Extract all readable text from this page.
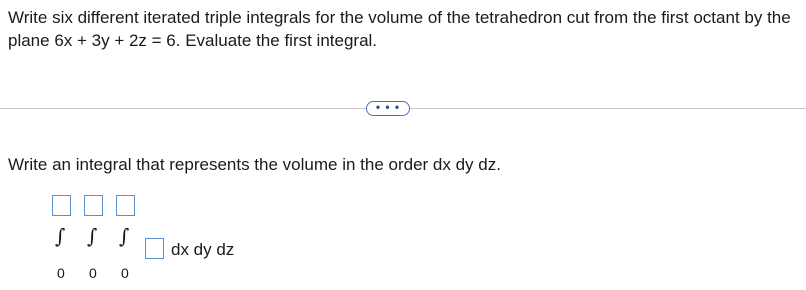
Write six different iterated triple integrals for the volume of the tetrahedron cut from the first octant by the plane 6x + 3y + 2z = 6. Evaluate the first integral.
• • •
Write an integral that represents the volume in the order dx dy dz.
∫ ∫ ∫
dx dy dz
0 0 0
